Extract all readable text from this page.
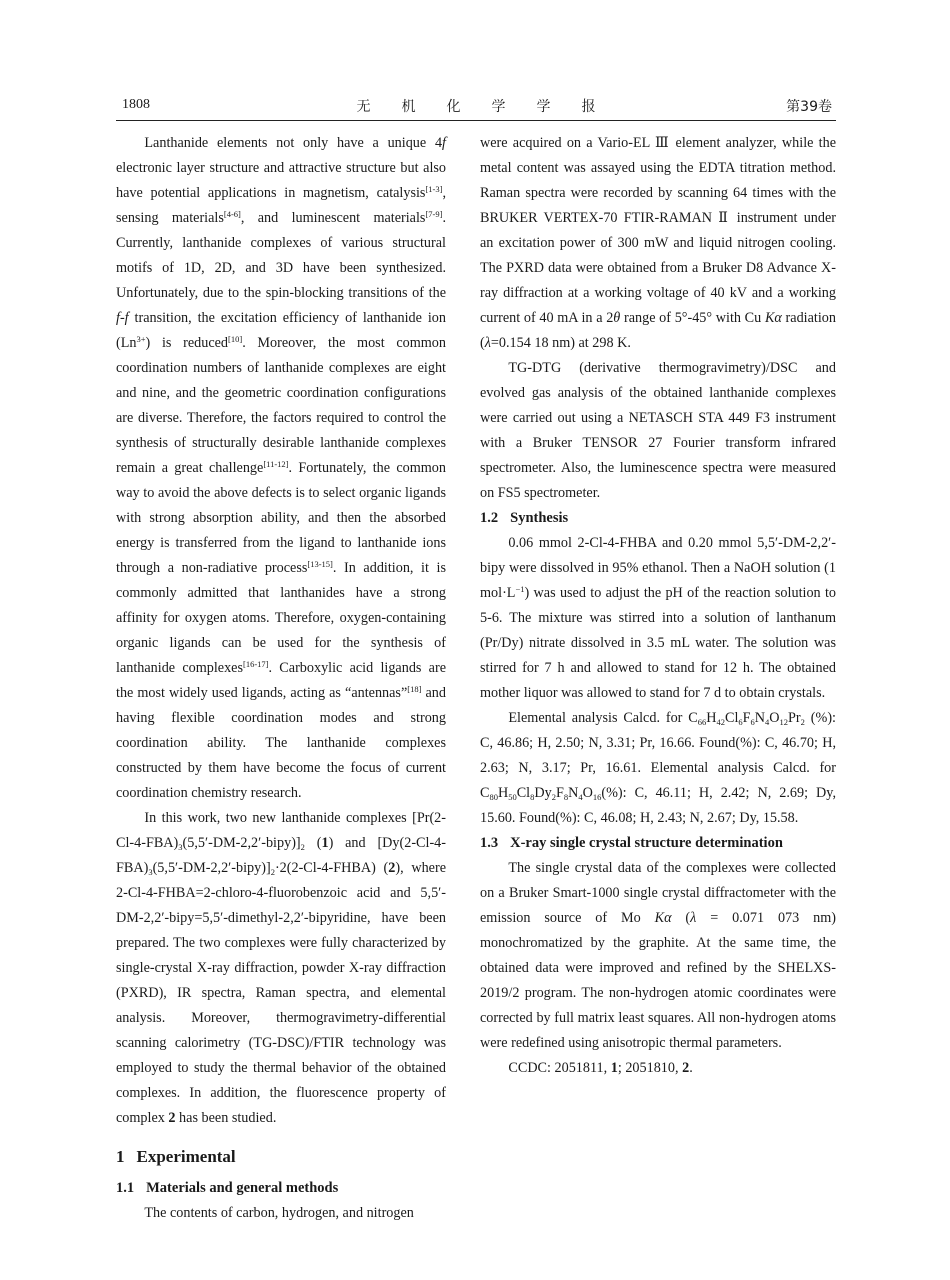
1808	无机化学学报	第39卷

Lanthanide elements not only have a unique 4f electronic layer structure and attractive structure but also have potential applications in magnetism, catalysis[1-3], sensing materials[4-6], and luminescent materials[7-9]. Currently, lanthanide complexes of various structural motifs of 1D, 2D, and 3D have been synthesized. Unfortunately, due to the spin-blocking transitions of the f-f transition, the excitation efficiency of lanthanide ion $(Ln^{3+})$ is reduced[10]. Moreover, the most common coordination numbers of lanthanide complexes are eight and nine, and the geometric coordination configurations are diverse. Therefore, the factors required to control the synthesis of structurally desirable lanthanide complexes remain a great challenge[11-12]. Fortunately, the common way to avoid the above defects is to select organic ligands with strong absorption ability, and then the absorbed energy is transferred from the ligand to lanthanide ions through a non-radiative process[13-15]. In addition, it is commonly admitted that lanthanides have a strong affinity for oxygen atoms. Therefore, oxygen-containing organic ligands can be used for the synthesis of lanthanide complexes[16-17]. Carboxylic acid ligands are the most widely used ligands, acting as “antennas”[18] and having flexible coordination modes and strong coordination ability. The lanthanide complexes constructed by them have become the focus of current coordination chemistry research.

In this work, two new lanthanide complexes $[Pr(2-Cl-4-FBA)_3(5,5'-DM-2,2'-bipy)]_2$ (1) and $[Dy(2-Cl-4-FBA)_3(5,5'-DM-2,2'-bipy)]_2\cdot 2(2-Cl-4-FHBA)$ (2), where 2-Cl-4-FHBA=2-chloro-4-fluorobenzoic acid and 5,5′-DM-2,2′-bipy=5,5′-dimethyl-2,2′-bipyridine, have been prepared. The two complexes were fully characterized by single-crystal X-ray diffraction, powder X-ray diffraction (PXRD), IR spectra, Raman spectra, and elemental analysis. Moreover, thermogravimetry-differential scanning calorimetry (TG-DSC)/FTIR technology was employed to study the thermal behavior of the obtained complexes. In addition, the fluorescence property of complex 2 has been studied.

1 Experimental
1.1 Materials and general methods

The contents of carbon, hydrogen, and nitrogen

were acquired on a Vario-EL Ⅲ element analyzer, while the metal content was assayed using the EDTA titration method. Raman spectra were recorded by scanning 64 times with the BRUKER VERTEX-70 FTIR-RAMAN Ⅱ instrument under an excitation power of 300 mW and liquid nitrogen cooling. The PXRD data were obtained from a Bruker D8 Advance X-ray diffraction at a working voltage of 40 kV and a working current of 40 mA in a 2θ range of 5°-45° with Cu Kα radiation (λ=0.154 18 nm) at 298 K.

TG-DTG (derivative thermogravimetry)/DSC and evolved gas analysis of the obtained lanthanide complexes were carried out using a NETASCH STA 449 F3 instrument with a Bruker TENSOR 27 Fourier transform infrared spectrometer. Also, the luminescence spectra were measured on FS5 spectrometer.

1.2 Synthesis

0.06 mmol 2-Cl-4-FHBA and 0.20 mmol 5,5′-DM-2,2′-bipy were dissolved in 95% ethanol. Then a NaOH solution (1 $mol\cdot L^{-1}$) was used to adjust the pH of the reaction solution to 5-6. The mixture was stirred into a solution of lanthanum (Pr/Dy) nitrate dissolved in 3.5 mL water. The solution was stirred for 7 h and allowed to stand for 12 h. The obtained mother liquor was allowed to stand for 7 d to obtain crystals.

Elemental analysis Calcd. for $C_{66}H_{42}Cl_6F_6N_4O_{12}Pr_2$ (%): C, 46.86; H, 2.50; N, 3.31; Pr, 16.66. Found(%): C, 46.70; H, 2.63; N, 3.17; Pr, 16.61. Elemental analysis Calcd. for $C_{80}H_{50}Cl_8Dy_2F_8N_4O_{16}(\%)$: C, 46.11; H, 2.42; N, 2.69; Dy, 15.60. Found(%): C, 46.08; H, 2.43; N, 2.67; Dy, 15.58.

1.3 X-ray single crystal structure determination

The single crystal data of the complexes were collected on a Bruker Smart-1000 single crystal diffractometer with the emission source of Mo Kα (λ = 0.071 073 nm) monochromatized by the graphite. At the same time, the obtained data were improved and refined by the SHELXS-2019/2 program. The non-hydrogen atomic coordinates were corrected by full matrix least squares. All non-hydrogen atoms were redefined using anisotropic thermal parameters.

CCDC: 2051811, 1; 2051810, 2.
